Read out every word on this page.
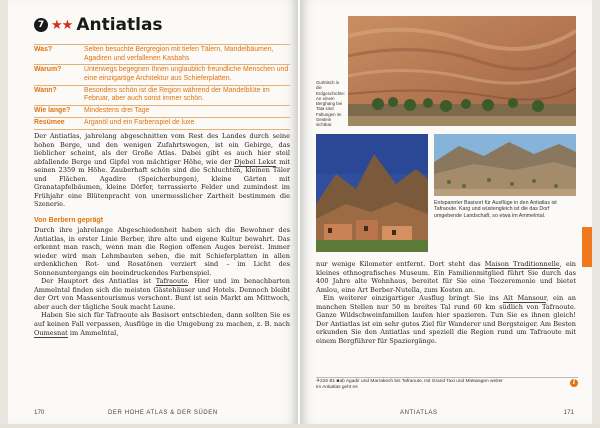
7 ★★ Antiatlas
Was?	Selten besuchte Bergregion mit tiefen Tälern, Mandelbäumen, Agadiren und verfallenen Kasbahs
Warum?	Unterwegs begegnen Ihnen unglaublich freundliche Menschen und eine einzigartige Architektur aus Schieferplatten.
Wann?	Besonders schön ist die Region während der Mandelblüte im Februar, aber auch sonst immer schön.
Wie lange?	Mindestens drei Tage
Resümee	Arganöl und ein Farbenspiel de luxe

Der Antiatlas, jahrelang abgeschnitten vom Rest des Landes durch seine hohen Berge, und den wenigen Zufahrtswegen, ist ein Gebirge, das lieblicher scheint, als der Große Atlas. Dabei gibt es auch hier steil abfallende Berge und Gipfel von mächtiger Höhe, wie der Djebel Lekst mit seinen 2359 m Höhe. Zauberhaft schön sind die Schluchten, kleinen Täler und Flächen. Agadire (Speicherburgen), kleine Gärten mit Granatapfelbäumen, kleine Dörfer, terrassierte Felder und zumindest im Frühjahr eine Blütenpracht von unermesslicher Zartheit bestimmen die Szenerie.

Von Berbern geprägt

Durch ihre jahrelange Abgeschiedenheit haben sich die Bewohner des Antiatlas, in erster Linie Berber, ihre alte und eigene Kultur bewahrt. Das erkennt man rasch, wenn man die Region offenen Auges bereist. Immer wieder wird man Lehmbauten sehen, die mit Schieferplatten in allen erdenklichen Rot- und Rosatönen verziert sind – im Licht des Sonnenuntergangs ein beeindruckendes Farbenspiel.

Der Hauptort des Antiatlas ist Tafraoute. Hier und im benachbarten Ammelntal finden sich die meisten Gästehäuser und Hotels. Dennoch bleibt der Ort von Massentourismus verschont. Bunt ist sein Markt am Mittwoch, aber auch der tägliche Souk macht Laune.

Haben Sie sich für Tafraoute als Basisort entschieden, dann sollten Sie es auf keinen Fall verpassen, Ausflüge in die Umgebung zu machen, z. B. nach Oumesnat im Ammelntal,

170	DER HOHE ATLAS & DER SÜDEN
Gurktisch in die Erdgeschichte: An einem Berghang bei Tata sind Faltungen im Gestein sichtbar.
Entspannter Basisort für Ausflüge in den Antiatlas ist Tafraoute. Karg und wüstengleich ist die das Dorf umgebende Landschaft, so etwa im Ammelntal.

nur wenige Kilometer entfernt. Dort steht das Maison Traditionnelle, ein kleines ethnografisches Museum. Ein Familienmitglied führt Sie durch das 400 Jahre alte Wohnhaus, bereitet für Sie eine Teezeremonie und bietet Amlou, eine Art Berber-Nutella, zum Kosten an.

Ein weiterer einzigartiger Ausflug bringt Sie ins Aït Mansour, ein an manchen Stellen nur 50 m breites Tal rund 60 km südlich von Tafraoute. Ganze Wildschweinfamilien laufen hier spazieren. Tun Sie es ihnen gleich! Der Antiatlas ist ein sehr gutes Ziel für Wanderer und Bergsteiger. Am Besten erkunden Sie den Antiatlas und speziell die Region rund um Tafraoute mit einem Bergführer für Spaziergänge.

✈226 B1 ■ab Agadir und Marrakech bis Tafraoute, im Antiatlas geht es
mit Grand Taxi und Mietwagen weiter	i
ANTIATLAS	171
